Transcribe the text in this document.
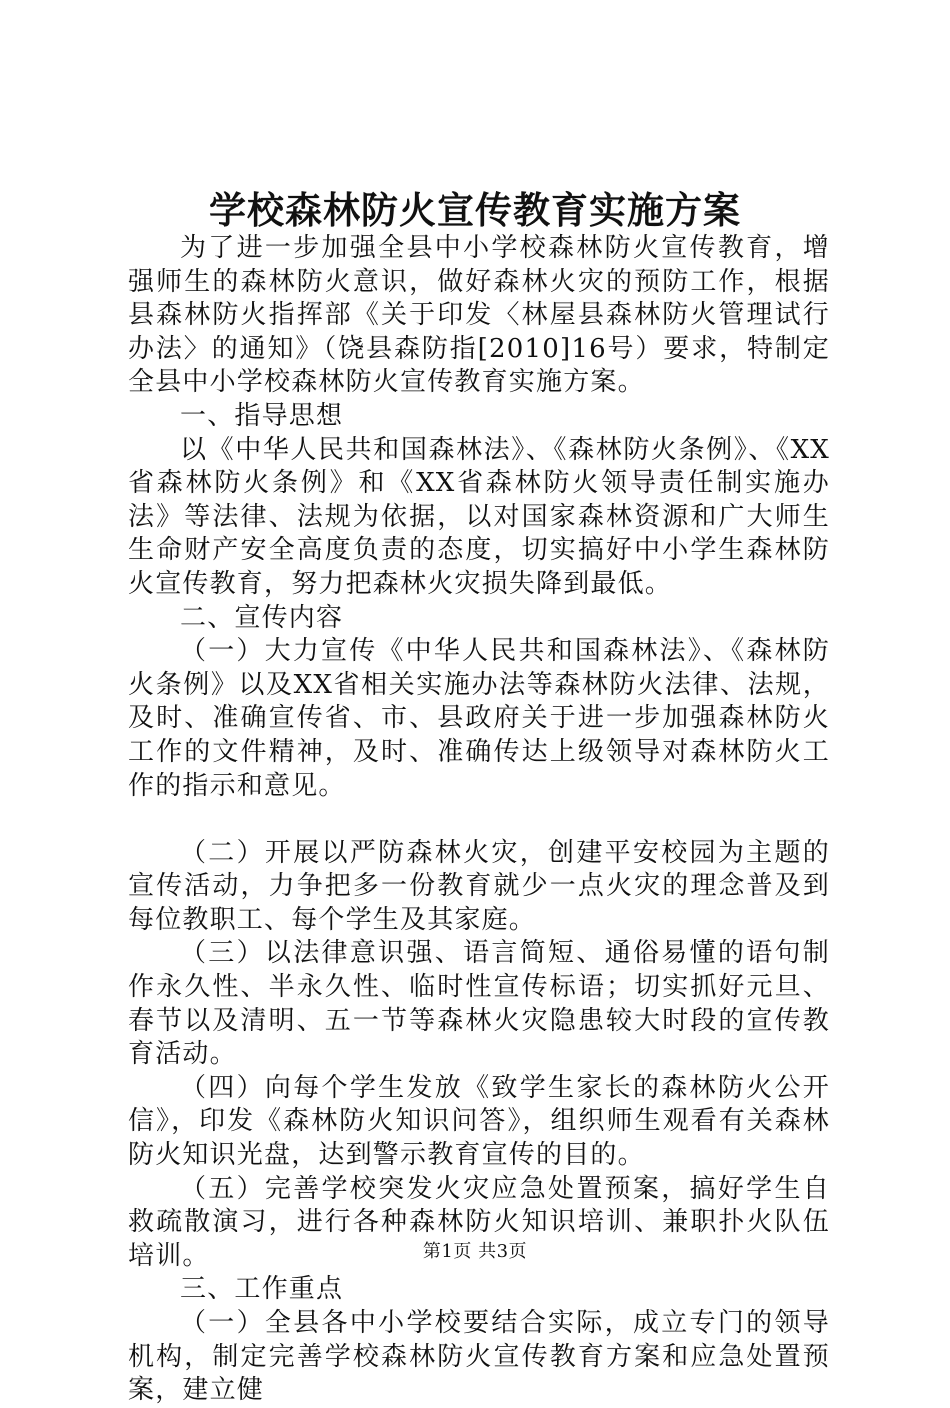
学校森林防火宣传教育实施方案

为了进一步加强全县中小学校森林防火宣传教育，增强师生的森林防火意识，做好森林火灾的预防工作，根据县森林防火指挥部《关于印发〈林屋县森林防火管理试行办法〉的通知》（饶县森防指[2010]16号）要求，特制定全县中小学校森林防火宣传教育实施方案。

一、指导思想

以《中华人民共和国森林法》、《森林防火条例》、《XX省森林防火条例》和《XX省森林防火领导责任制实施办法》等法律、法规为依据，以对国家森林资源和广大师生生命财产安全高度负责的态度，切实搞好中小学生森林防火宣传教育，努力把森林火灾损失降到最低。

二、宣传内容

（一）大力宣传《中华人民共和国森林法》、《森林防火条例》以及XX省相关实施办法等森林防火法律、法规，及时、准确宣传省、市、县政府关于进一步加强森林防火工作的文件精神，及时、准确传达上级领导对森林防火工作的指示和意见。

（二）开展以严防森林火灾，创建平安校园为主题的宣传活动，力争把多一份教育就少一点火灾的理念普及到每位教职工、每个学生及其家庭。

（三）以法律意识强、语言简短、通俗易懂的语句制作永久性、半永久性、临时性宣传标语；切实抓好元旦、春节以及清明、五一节等森林火灾隐患较大时段的宣传教育活动。

（四）向每个学生发放《致学生家长的森林防火公开信》，印发《森林防火知识问答》，组织师生观看有关森林防火知识光盘，达到警示教育宣传的目的。

（五）完善学校突发火灾应急处置预案，搞好学生自救疏散演习，进行各种森林防火知识培训、兼职扑火队伍培训。

三、工作重点

（一）全县各中小学校要结合实际，成立专门的领导机构，制定完善学校森林防火宣传教育方案和应急处置预案，建立健

第1页 共3页
